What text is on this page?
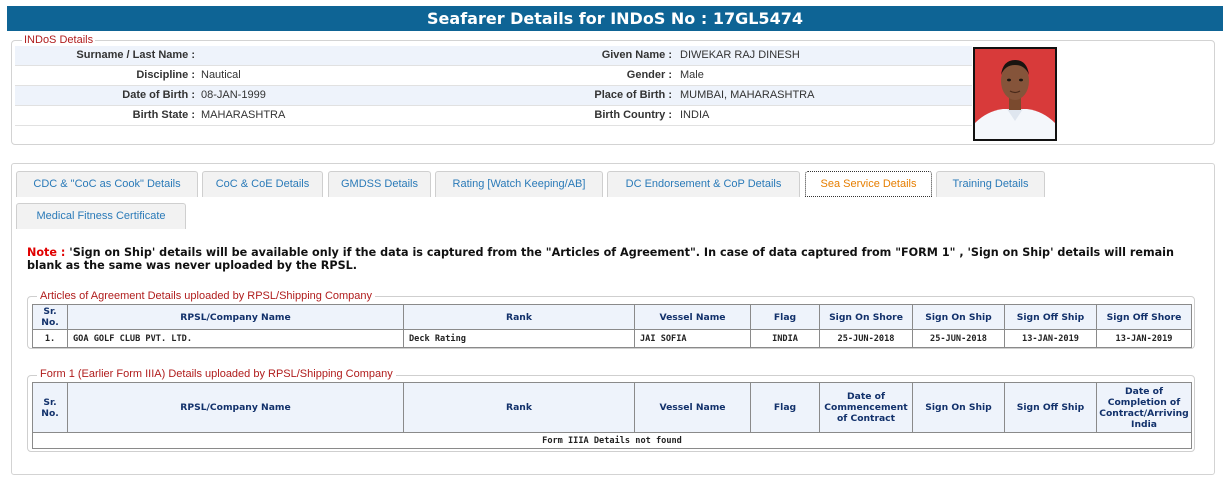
Seafarer Details for INDoS No : 17GL5474
INDoS Details
Surname / Last Name :	Given Name : DIWEKAR RAJ DINESH
Discipline : Nautical	Gender : Male
Date of Birth : 08-JAN-1999	Place of Birth : MUMBAI, MAHARASHTRA
Birth State : MAHARASHTRA	Birth Country : INDIA
CDC & "CoC as Cook" Details	CoC & CoE Details	GMDSS Details	Rating [Watch Keeping/AB]	DC Endorsement & CoP Details	Sea Service Details	Training Details
Medical Fitness Certificate
Note : 'Sign on Ship' details will be available only if the data is captured from the "Articles of Agreement". In case of data captured from "FORM 1" , 'Sign on Ship' details will remain blank as the same was never uploaded by the RPSL.
Articles of Agreement Details uploaded by RPSL/Shipping Company
Sr. No.	RPSL/Company Name	Rank	Vessel Name	Flag	Sign On Shore	Sign On Ship	Sign Off Ship	Sign Off Shore
1.	GOA GOLF CLUB PVT. LTD.	Deck Rating	JAI SOFIA	INDIA	25-JUN-2018	25-JUN-2018	13-JAN-2019	13-JAN-2019
Form 1 (Earlier Form IIIA) Details uploaded by RPSL/Shipping Company
Sr. No.	RPSL/Company Name	Rank	Vessel Name	Flag	Date of Commencement of Contract	Sign On Ship	Sign Off Ship	Date of Completion of Contract/Arriving India
Form IIIA Details not found
